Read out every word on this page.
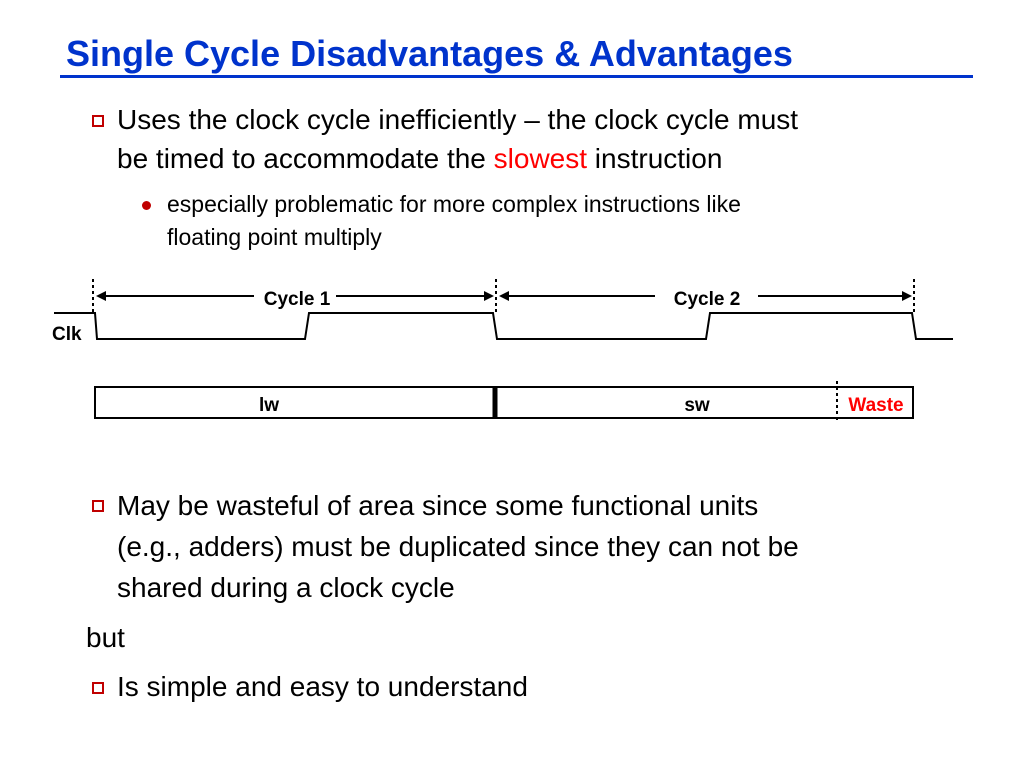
Single Cycle Disadvantages & Advantages
Uses the clock cycle inefficiently – the clock cycle must
be timed to accommodate the slowest instruction
especially problematic for more complex instructions like
floating point multiply
Cycle 1	Cycle 2
Clk
lw	sw	Waste
May be wasteful of area since some functional units
(e.g., adders) must be duplicated since they can not be
shared during a clock cycle
but
Is simple and easy to understand
